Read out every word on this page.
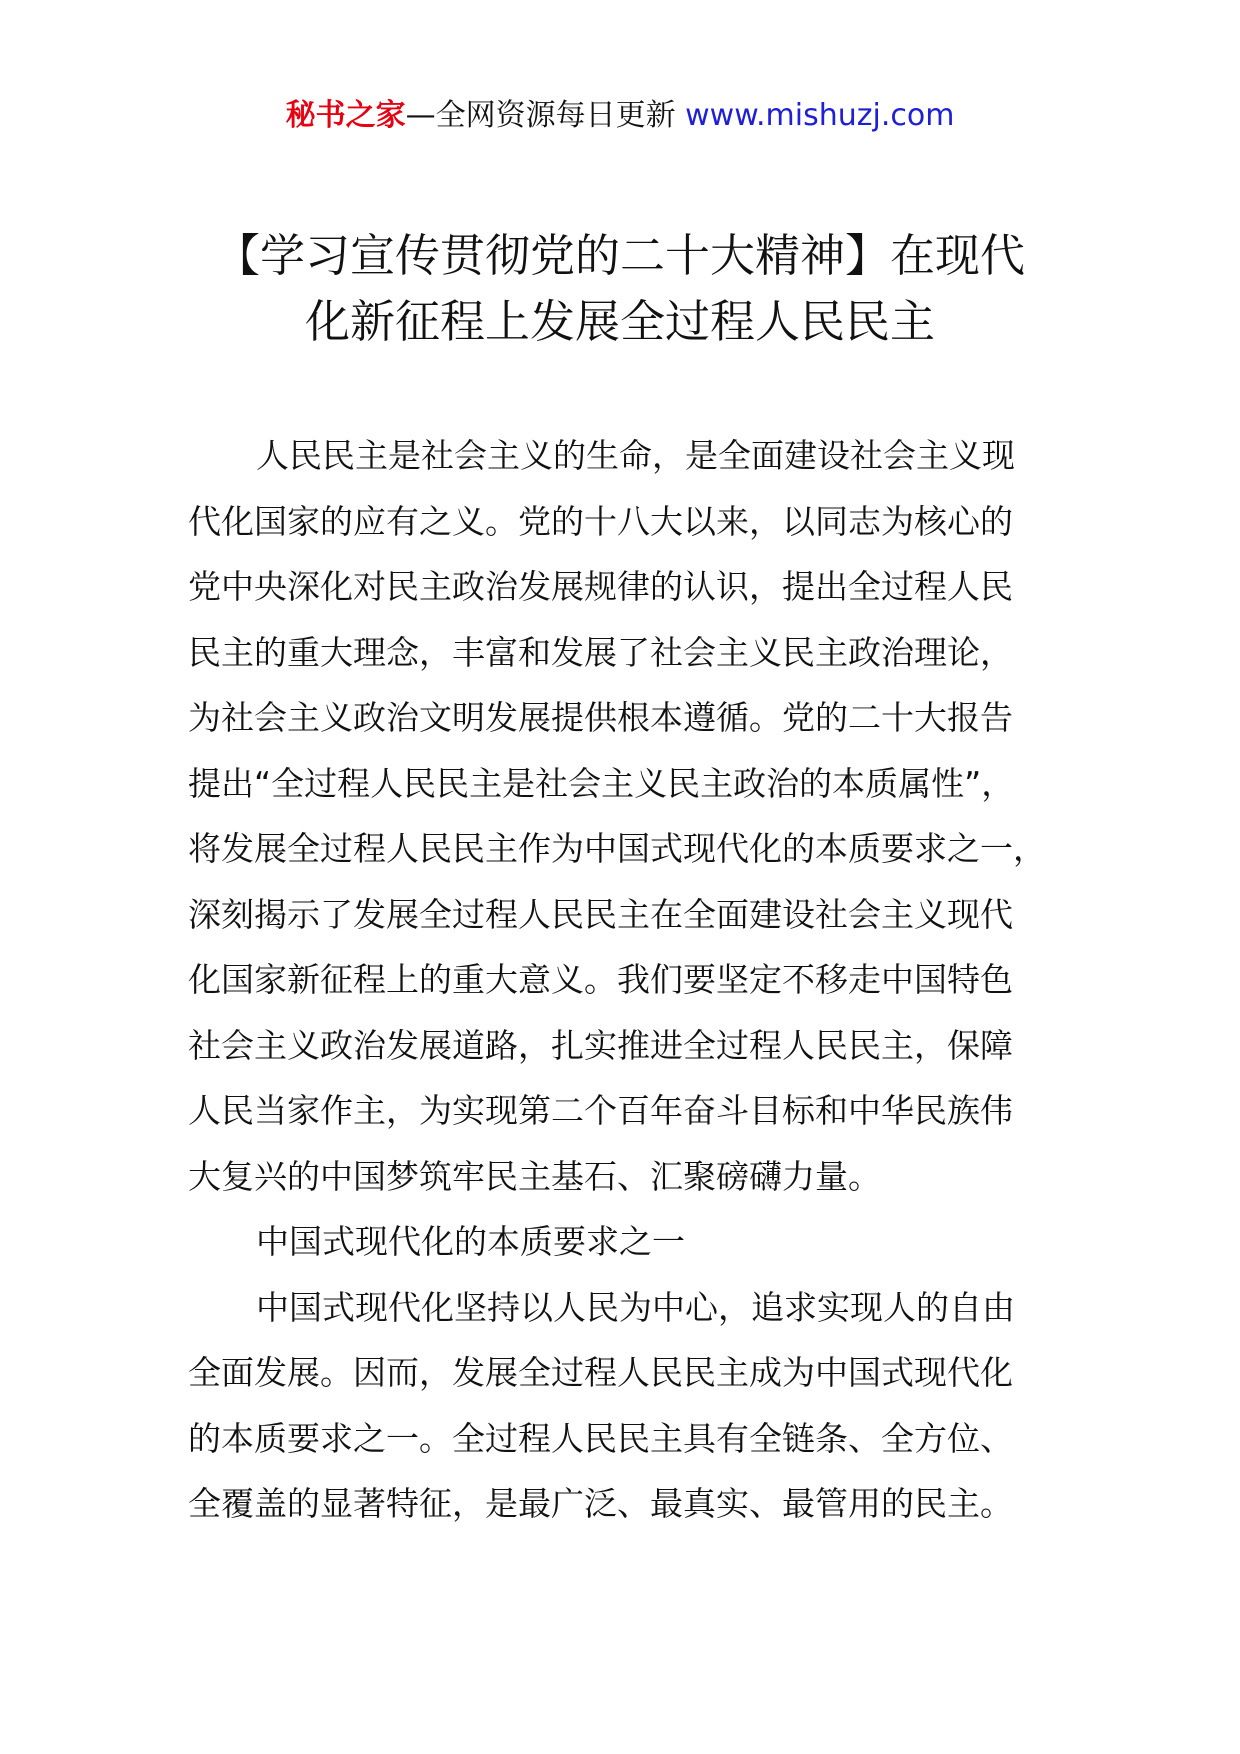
秘书之家—全网资源每日更新 www.mishuzj.com
【学习宣传贯彻党的二十大精神】在现代
化新征程上发展全过程人民民主
人民民主是社会主义的生命，是全面建设社会主义现
代化国家的应有之义。党的十八大以来，以同志为核心的
党中央深化对民主政治发展规律的认识，提出全过程人民
民主的重大理念，丰富和发展了社会主义民主政治理论，
为社会主义政治文明发展提供根本遵循。党的二十大报告
提出“全过程人民民主是社会主义民主政治的本质属性”，
将发展全过程人民民主作为中国式现代化的本质要求之一，
深刻揭示了发展全过程人民民主在全面建设社会主义现代
化国家新征程上的重大意义。我们要坚定不移走中国特色
社会主义政治发展道路，扎实推进全过程人民民主，保障
人民当家作主，为实现第二个百年奋斗目标和中华民族伟
大复兴的中国梦筑牢民主基石、汇聚磅礴力量。
中国式现代化的本质要求之一
中国式现代化坚持以人民为中心，追求实现人的自由
全面发展。因而，发展全过程人民民主成为中国式现代化
的本质要求之一。全过程人民民主具有全链条、全方位、
全覆盖的显著特征，是最广泛、最真实、最管用的民主。
